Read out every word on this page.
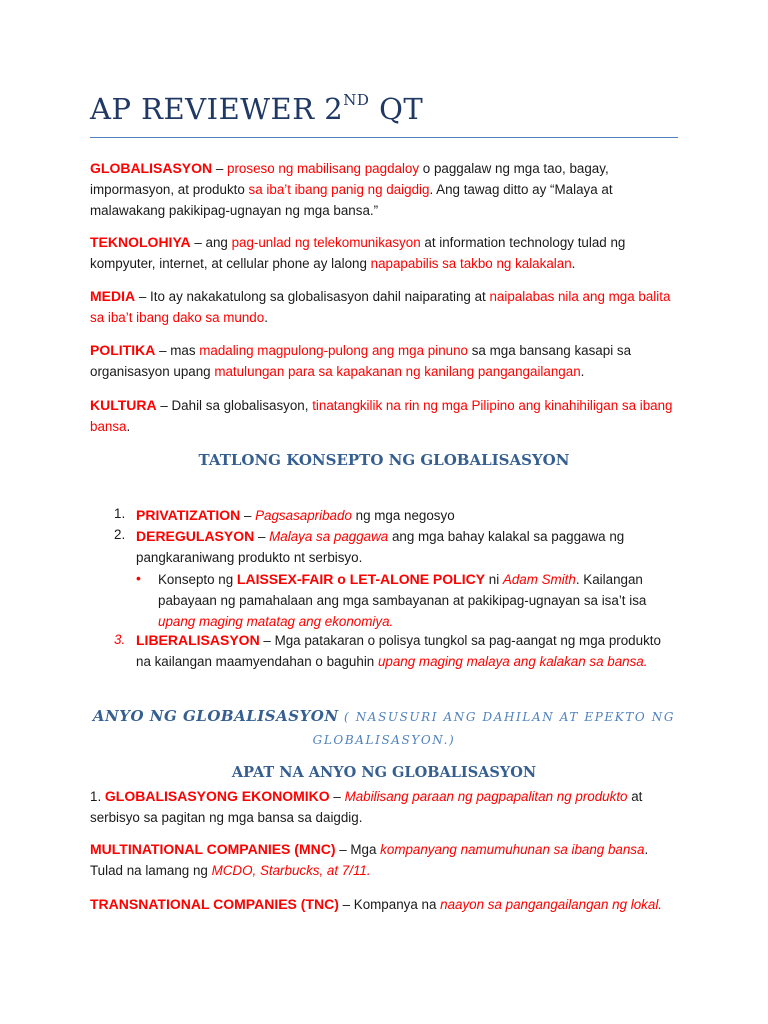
AP REVIEWER 2ND QT
GLOBALISASYON – proseso ng mabilisang pagdaloy o paggalaw ng mga tao, bagay, impormasyon, at produkto sa iba’t ibang panig ng daigdig. Ang tawag ditto ay “Malaya at malawakang pakikipag-ugnayan ng mga bansa.”
TEKNOLOHIYA – ang pag-unlad ng telekomunikasyon at information technology tulad ng kompyuter, internet, at cellular phone ay lalong napapabilis sa takbo ng kalakalan.
MEDIA – Ito ay nakakatulong sa globalisasyon dahil naiparating at naipalabas nila ang mga balita sa iba’t ibang dako sa mundo.
POLITIKA – mas madaling magpulong-pulong ang mga pinuno sa mga bansang kasapi sa organisasyon upang matulungan para sa kapakanan ng kanilang pangangailangan.
KULTURA – Dahil sa globalisasyon, tinatangkilik na rin ng mga Pilipino ang kinahihiligan sa ibang bansa.
TATLONG KONSEPTO NG GLOBALISASYON
1. PRIVATIZATION – Pagsasapribado ng mga negosyo
2. DEREGULASYON – Malaya sa paggawa ang mga bahay kalakal sa paggawa ng pangkaraniwang produkto nt serbisyo.
• Konsepto ng LAISSEX-FAIR o LET-ALONE POLICY ni Adam Smith. Kailangan pabayaan ng pamahalaan ang mga sambayanan at pakikipag-ugnayan sa isa’t isa upang maging matatag ang ekonomiya.
3. LIBERALISASYON – Mga patakaran o polisya tungkol sa pag-aangat ng mga produkto na kailangan maamyendahan o baguhin upang maging malaya ang kalakan sa bansa.
ANYO NG GLOBALISASYON ( NASUSURI ANG DAHILAN AT EPEKTO NG
GLOBALISASYON.)
APAT NA ANYO NG GLOBALISASYON
1. GLOBALISASYONG EKONOMIKO – Mabilisang paraan ng pagpapalitan ng produkto at serbisyo sa pagitan ng mga bansa sa daigdig.
MULTINATIONAL COMPANIES (MNC) – Mga kompanyang namumuhunan sa ibang bansa. Tulad na lamang ng MCDO, Starbucks, at 7/11.
TRANSNATIONAL COMPANIES (TNC) – Kompanya na naayon sa pangangailangan ng lokal.
